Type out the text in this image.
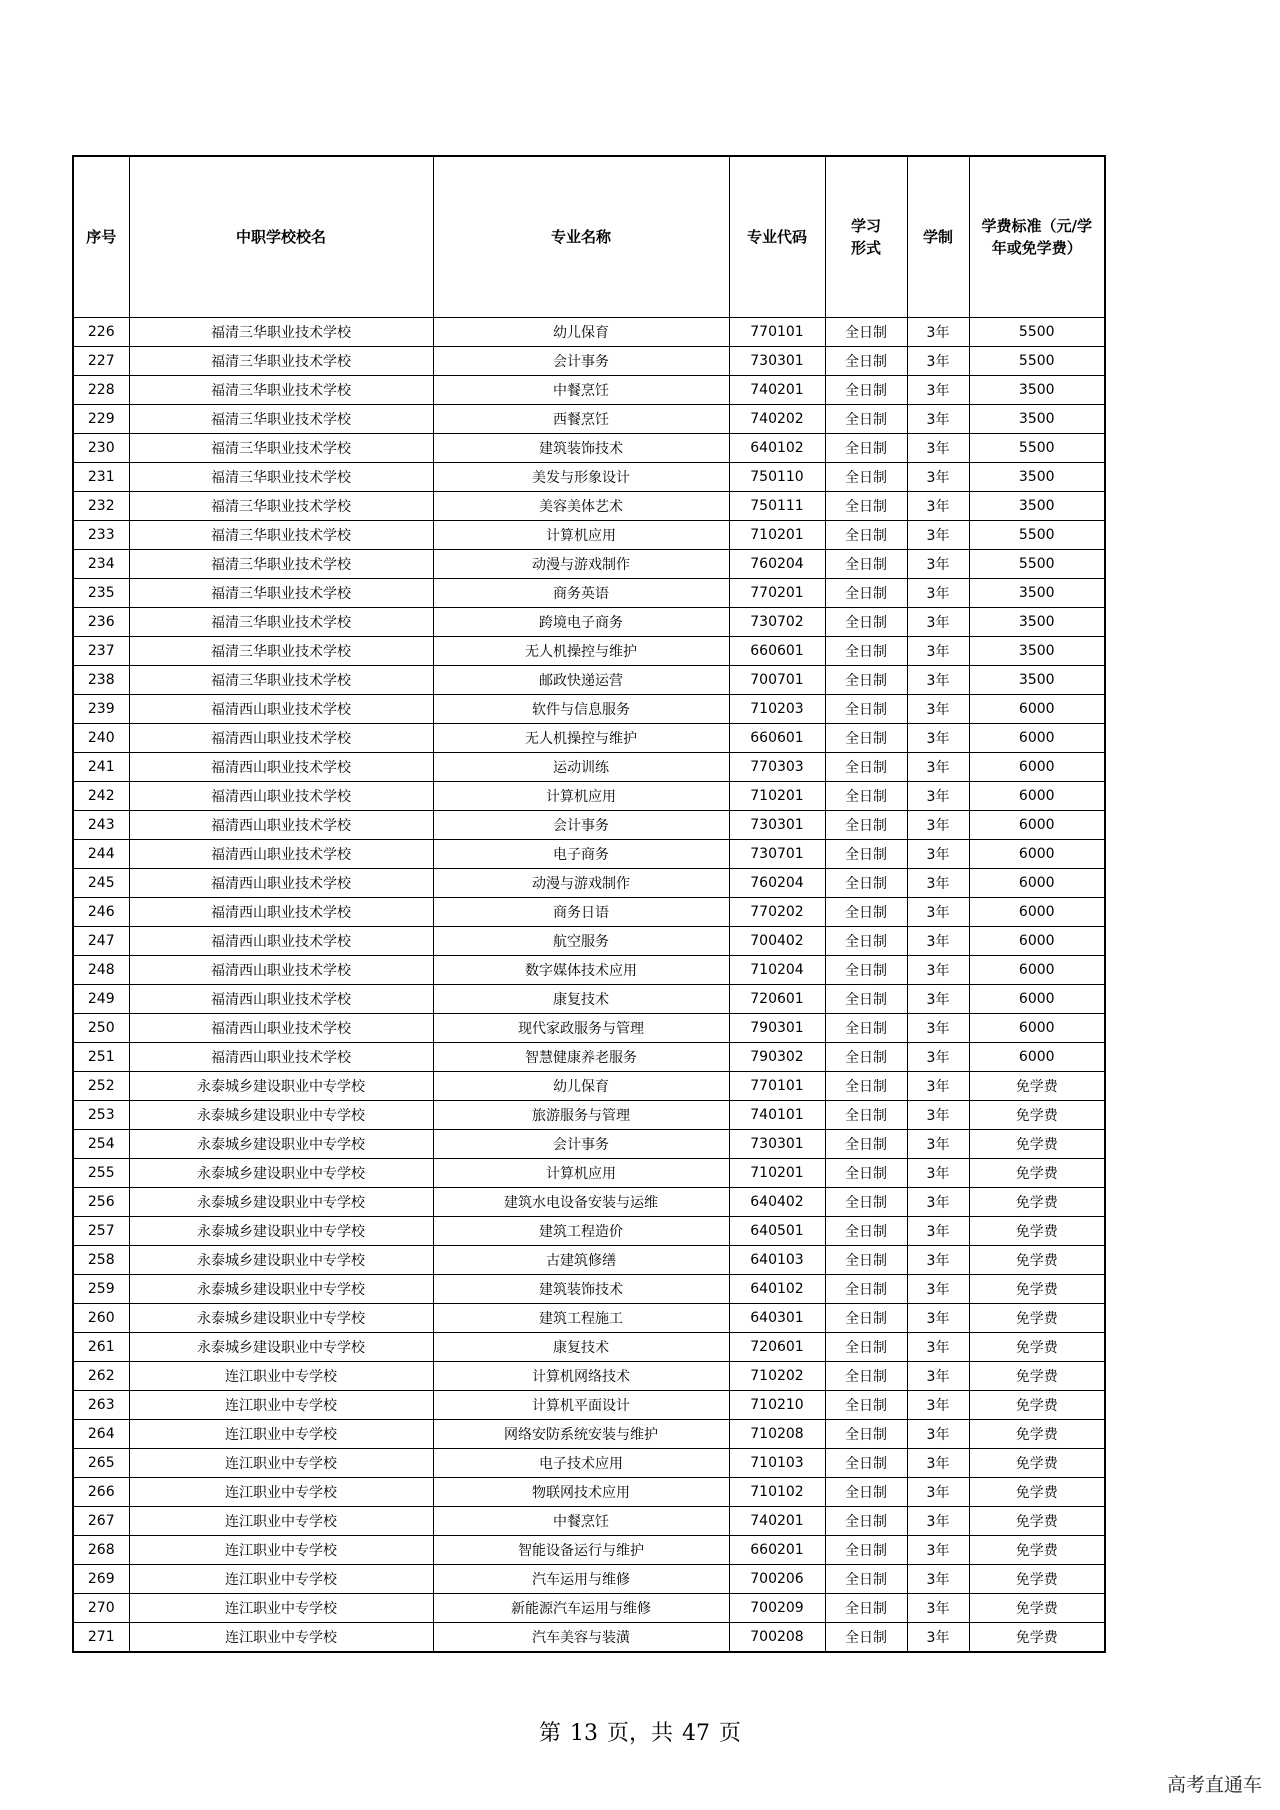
序号	中职学校校名	专业名称	专业代码	学习形式	学制	学费标准（元/学年或免学费）
226	福清三华职业技术学校	幼儿保育	770101	全日制	3年	5500
227	福清三华职业技术学校	会计事务	730301	全日制	3年	5500
228	福清三华职业技术学校	中餐烹饪	740201	全日制	3年	3500
229	福清三华职业技术学校	西餐烹饪	740202	全日制	3年	3500
230	福清三华职业技术学校	建筑装饰技术	640102	全日制	3年	5500
231	福清三华职业技术学校	美发与形象设计	750110	全日制	3年	3500
232	福清三华职业技术学校	美容美体艺术	750111	全日制	3年	3500
233	福清三华职业技术学校	计算机应用	710201	全日制	3年	5500
234	福清三华职业技术学校	动漫与游戏制作	760204	全日制	3年	5500
235	福清三华职业技术学校	商务英语	770201	全日制	3年	3500
236	福清三华职业技术学校	跨境电子商务	730702	全日制	3年	3500
237	福清三华职业技术学校	无人机操控与维护	660601	全日制	3年	3500
238	福清三华职业技术学校	邮政快递运营	700701	全日制	3年	3500
239	福清西山职业技术学校	软件与信息服务	710203	全日制	3年	6000
240	福清西山职业技术学校	无人机操控与维护	660601	全日制	3年	6000
241	福清西山职业技术学校	运动训练	770303	全日制	3年	6000
242	福清西山职业技术学校	计算机应用	710201	全日制	3年	6000
243	福清西山职业技术学校	会计事务	730301	全日制	3年	6000
244	福清西山职业技术学校	电子商务	730701	全日制	3年	6000
245	福清西山职业技术学校	动漫与游戏制作	760204	全日制	3年	6000
246	福清西山职业技术学校	商务日语	770202	全日制	3年	6000
247	福清西山职业技术学校	航空服务	700402	全日制	3年	6000
248	福清西山职业技术学校	数字媒体技术应用	710204	全日制	3年	6000
249	福清西山职业技术学校	康复技术	720601	全日制	3年	6000
250	福清西山职业技术学校	现代家政服务与管理	790301	全日制	3年	6000
251	福清西山职业技术学校	智慧健康养老服务	790302	全日制	3年	6000
252	永泰城乡建设职业中专学校	幼儿保育	770101	全日制	3年	免学费
253	永泰城乡建设职业中专学校	旅游服务与管理	740101	全日制	3年	免学费
254	永泰城乡建设职业中专学校	会计事务	730301	全日制	3年	免学费
255	永泰城乡建设职业中专学校	计算机应用	710201	全日制	3年	免学费
256	永泰城乡建设职业中专学校	建筑水电设备安装与运维	640402	全日制	3年	免学费
257	永泰城乡建设职业中专学校	建筑工程造价	640501	全日制	3年	免学费
258	永泰城乡建设职业中专学校	古建筑修缮	640103	全日制	3年	免学费
259	永泰城乡建设职业中专学校	建筑装饰技术	640102	全日制	3年	免学费
260	永泰城乡建设职业中专学校	建筑工程施工	640301	全日制	3年	免学费
261	永泰城乡建设职业中专学校	康复技术	720601	全日制	3年	免学费
262	连江职业中专学校	计算机网络技术	710202	全日制	3年	免学费
263	连江职业中专学校	计算机平面设计	710210	全日制	3年	免学费
264	连江职业中专学校	网络安防系统安装与维护	710208	全日制	3年	免学费
265	连江职业中专学校	电子技术应用	710103	全日制	3年	免学费
266	连江职业中专学校	物联网技术应用	710102	全日制	3年	免学费
267	连江职业中专学校	中餐烹饪	740201	全日制	3年	免学费
268	连江职业中专学校	智能设备运行与维护	660201	全日制	3年	免学费
269	连江职业中专学校	汽车运用与维修	700206	全日制	3年	免学费
270	连江职业中专学校	新能源汽车运用与维修	700209	全日制	3年	免学费
271	连江职业中专学校	汽车美容与装潢	700208	全日制	3年	免学费
第 13 页，共 47 页
高考直通车
